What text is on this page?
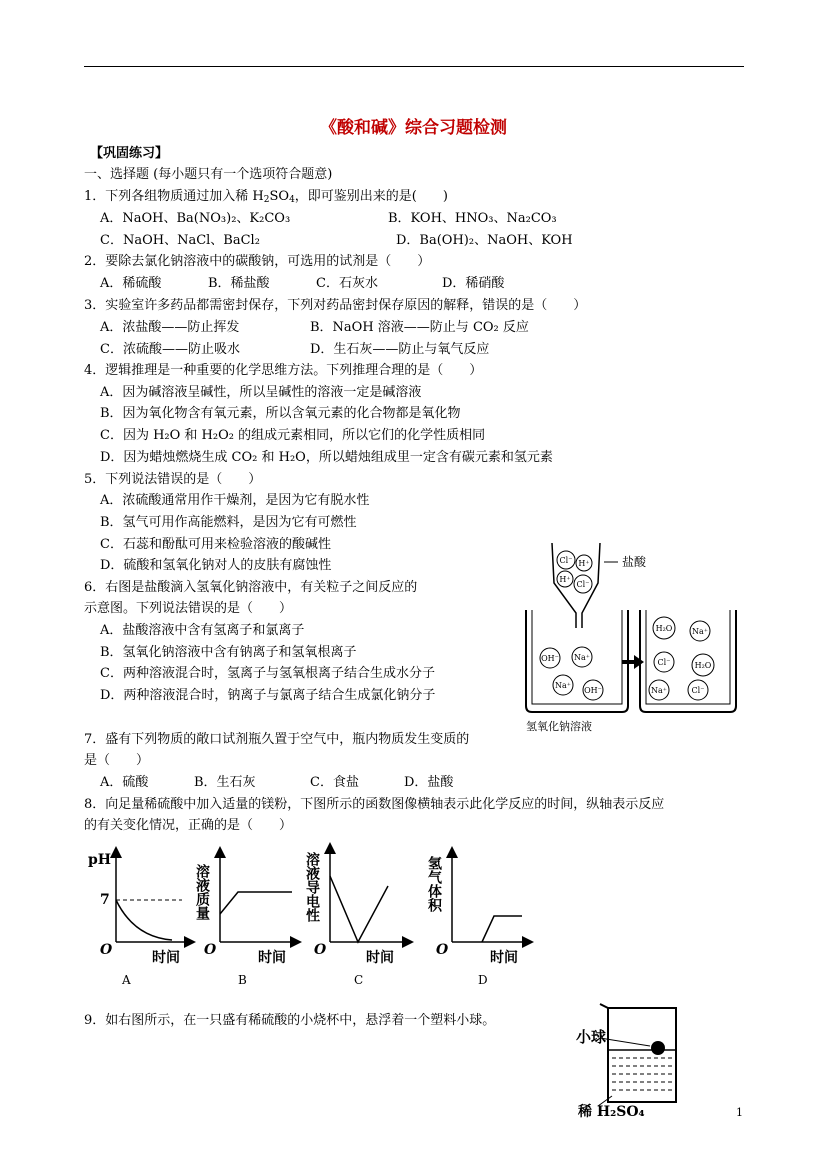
《酸和碱》综合习题检测
【巩固练习】
一、选择题 (每小题只有一个选项符合题意)
1．下列各组物质通过加入稀 $H_2SO_4$，即可鉴别出来的是(　　)
A．NaOH、Ba(NO₃)₂、K₂CO₃	B．KOH、HNO₃、Na₂CO₃
C．NaOH、NaCl、BaCl₂	D．Ba(OH)₂、NaOH、KOH
2．要除去氯化钠溶液中的碳酸钠，可选用的试剂是（　　）
A．稀硫酸	B．稀盐酸	C．石灰水	D．稀硝酸
3．实验室许多药品都需密封保存，下列对药品密封保存原因的解释，错误的是（　　）
A．浓盐酸——防止挥发	B．NaOH 溶液——防止与 CO₂ 反应
C．浓硫酸——防止吸水	D．生石灰——防止与氧气反应
4．逻辑推理是一种重要的化学思维方法。下列推理合理的是（　　）
A．因为碱溶液呈碱性，所以呈碱性的溶液一定是碱溶液
B．因为氧化物含有氧元素，所以含氧元素的化合物都是氧化物
C．因为 H₂O 和 H₂O₂ 的组成元素相同，所以它们的化学性质相同
D．因为蜡烛燃烧生成 CO₂ 和 H₂O，所以蜡烛组成里一定含有碳元素和氢元素
5．下列说法错误的是（　　）
A．浓硫酸通常用作干燥剂，是因为它有脱水性
B．氢气可用作高能燃料，是因为它有可燃性
C．石蕊和酚酞可用来检验溶液的酸碱性
D．硫酸和氢氧化钠对人的皮肤有腐蚀性
6．右图是盐酸滴入氢氧化钠溶液中，有关粒子之间反应的
示意图。下列说法错误的是（　　）
A．盐酸溶液中含有氢离子和氯离子
B．氢氧化钠溶液中含有钠离子和氢氧根离子
C．两种溶液混合时，氢离子与氢氧根离子结合生成水分子
D．两种溶液混合时，钠离子与氯离子结合生成氯化钠分子
Cl⁻ H⁺
H⁺
Cl⁻
盐酸
OH⁻ Na⁺
Na⁺
OH⁻
H₂O Na⁺
Cl⁻	H₂O
Na⁺	Cl⁻
氢氧化钠溶液
7．盛有下列物质的敞口试剂瓶久置于空气中，瓶内物质发生变质的
是（　　）
A．硫酸	B．生石灰	C．食盐	D．盐酸
8．向足量稀硫酸中加入适量的镁粉，下图所示的函数图像横轴表示此化学反应的时间，纵轴表示反应
的有关变化情况，正确的是（　　）
pH
7
O	时间
A
溶液质量
O	时间
B
溶液导电性
O	时间
C
氢气体积
O	时间
D
9．如右图所示，在一只盛有稀硫酸的小烧杯中，悬浮着一个塑料小球。
小球
稀 H₂SO₄	1
